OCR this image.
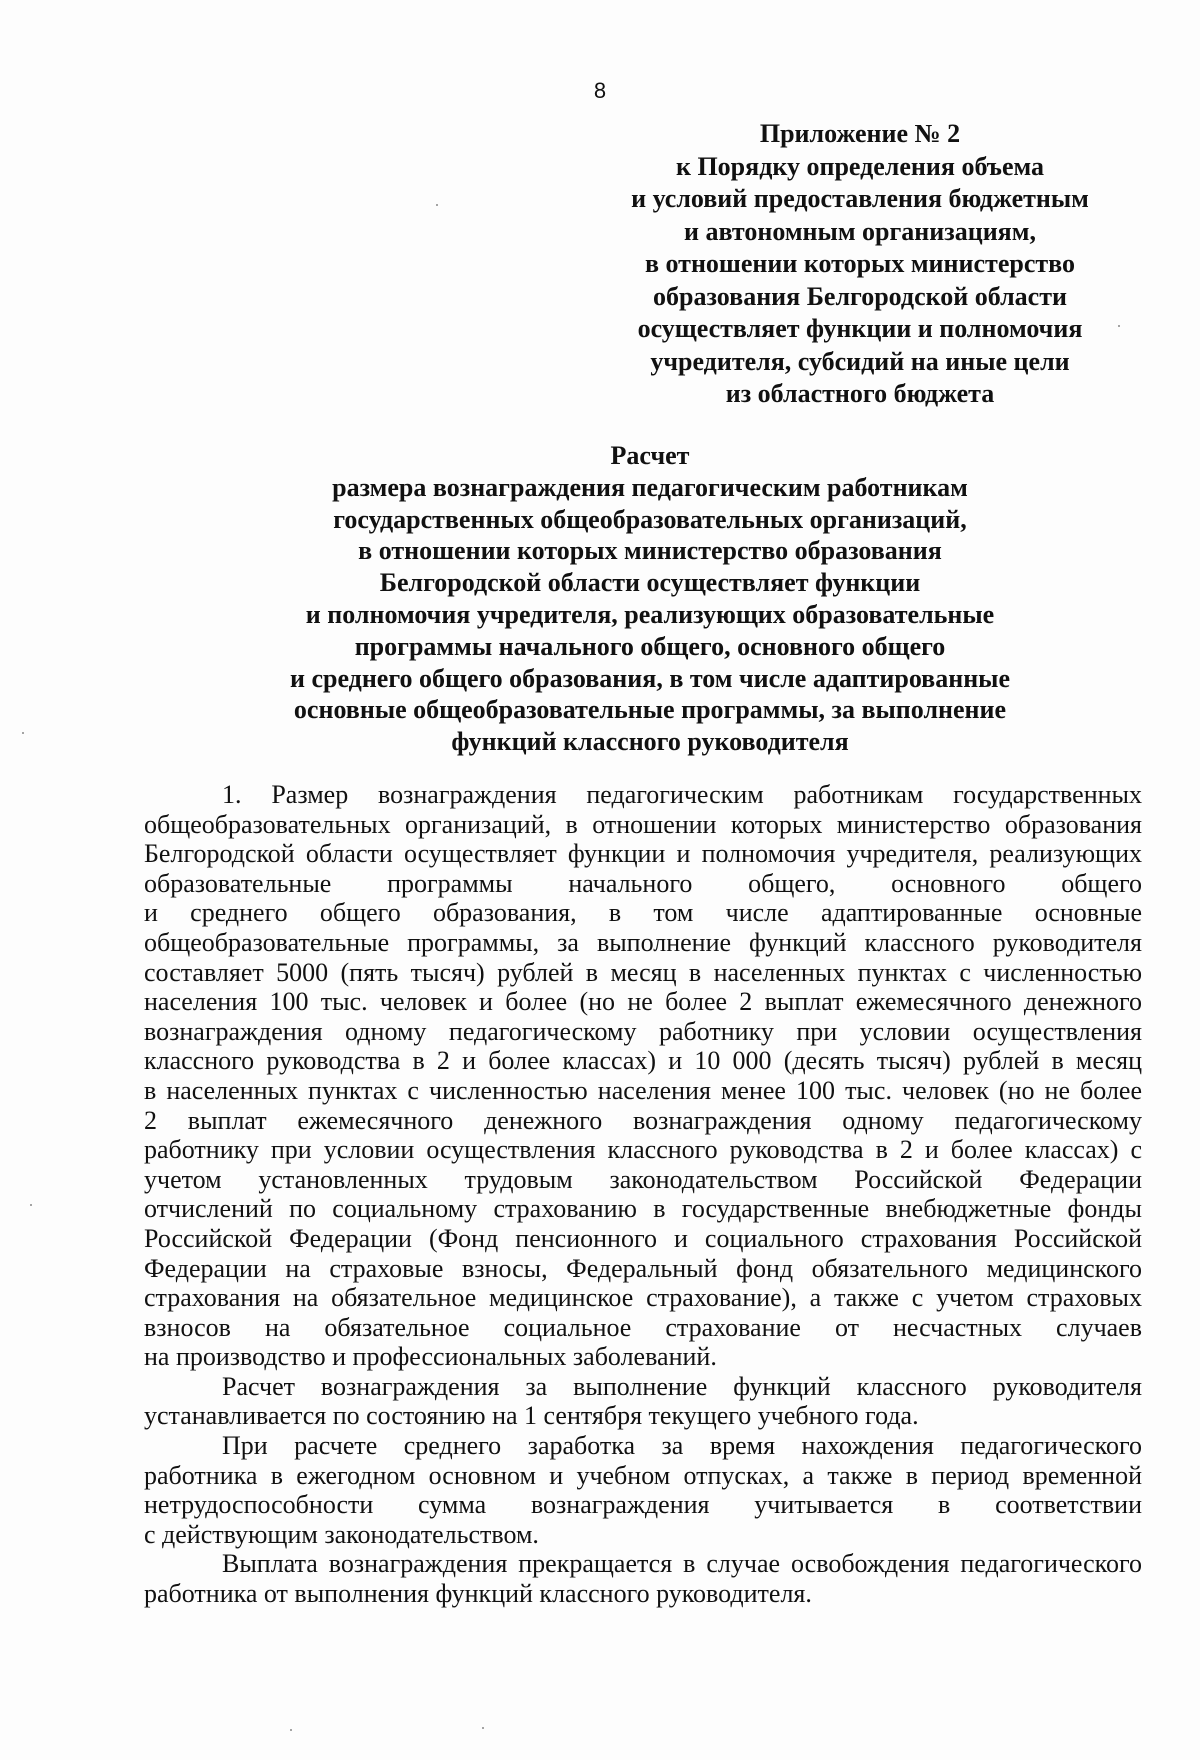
8
Приложение № 2
к Порядку определения объема
и условий предоставления бюджетным
и автономным организациям,
в отношении которых министерство
образования Белгородской области
осуществляет функции и полномочия
учредителя, субсидий на иные цели
из областного бюджета
Расчет
размера вознаграждения педагогическим работникам
государственных общеобразовательных организаций,
в отношении которых министерство образования
Белгородской области осуществляет функции
и полномочия учредителя, реализующих образовательные
программы начального общего, основного общего
и среднего общего образования, в том числе адаптированные
основные общеобразовательные программы, за выполнение
функций классного руководителя
1. Размер вознаграждения педагогическим работникам государственных
общеобразовательных организаций, в отношении которых министерство образования
Белгородской области осуществляет функции и полномочия учредителя, реализующих
образовательные программы начального общего, основного общего
и среднего общего образования, в том числе адаптированные основные
общеобразовательные программы, за выполнение функций классного руководителя
составляет 5000 (пять тысяч) рублей в месяц в населенных пунктах с численностью
населения 100 тыс. человек и более (но не более 2 выплат ежемесячного денежного
вознаграждения одному педагогическому работнику при условии осуществления
классного руководства в 2 и более классах) и 10 000 (десять тысяч) рублей в месяц
в населенных пунктах с численностью населения менее 100 тыс. человек (но не более
2 выплат ежемесячного денежного вознаграждения одному педагогическому
работнику при условии осуществления классного руководства в 2 и более классах) с
учетом установленных трудовым законодательством Российской Федерации
отчислений по социальному страхованию в государственные внебюджетные фонды
Российской Федерации (Фонд пенсионного и социального страхования Российской
Федерации на страховые взносы, Федеральный фонд обязательного медицинского
страхования на обязательное медицинское страхование), а также с учетом страховых
взносов на обязательное социальное страхование от несчастных случаев
на производство и профессиональных заболеваний.
Расчет вознаграждения за выполнение функций классного руководителя
устанавливается по состоянию на 1 сентября текущего учебного года.
При расчете среднего заработка за время нахождения педагогического
работника в ежегодном основном и учебном отпусках, а также в период временной
нетрудоспособности сумма вознаграждения учитывается в соответствии
с действующим законодательством.
Выплата вознаграждения прекращается в случае освобождения педагогического
работника от выполнения функций классного руководителя.
